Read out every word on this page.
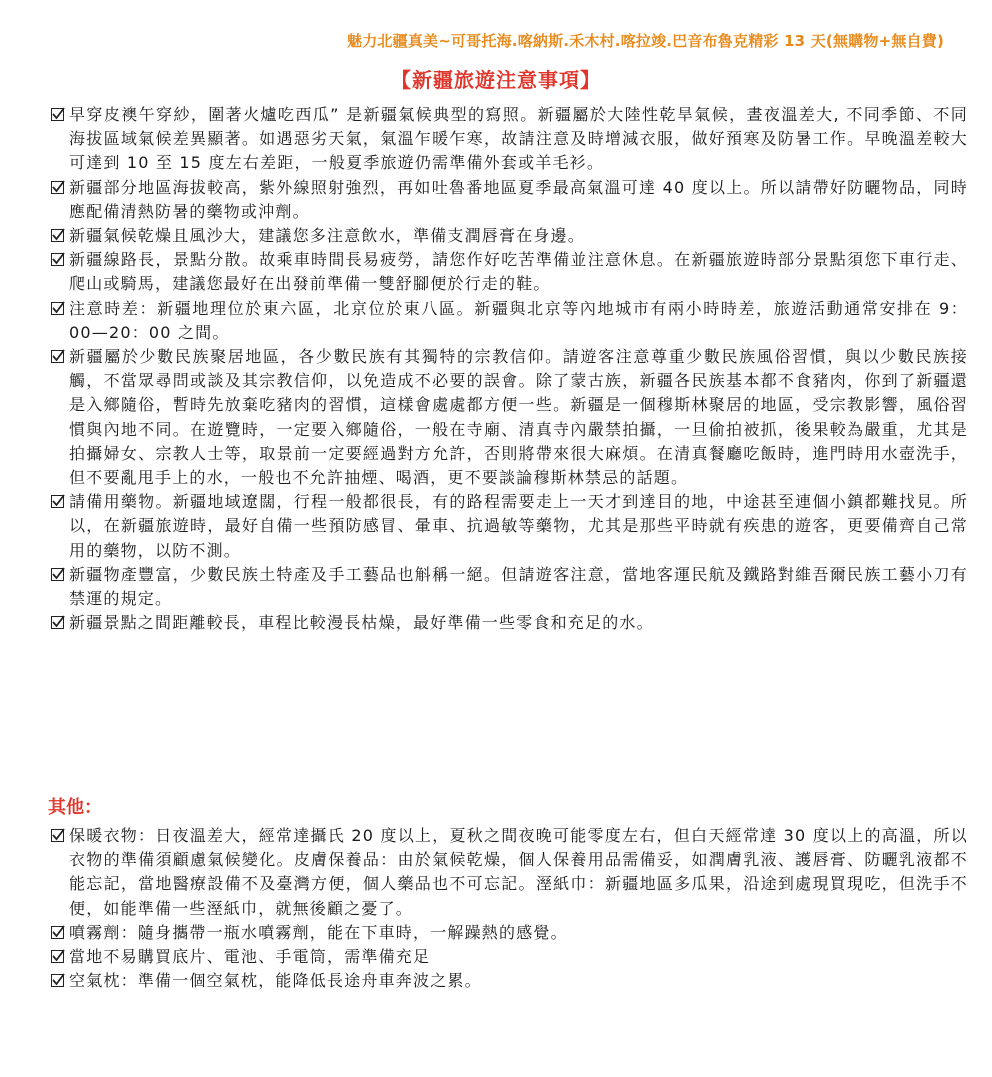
魅力北疆真美~可哥托海.喀納斯.禾木村.喀拉竣.巴音布魯克精彩 13 天(無購物+無自費)
【新疆旅遊注意事項】
早穿皮襖午穿紗，圍著火爐吃西瓜” 是新疆氣候典型的寫照。新疆屬於大陸性乾旱氣候，晝夜溫差大, 不同季節、不同海拔區域氣候差異顯著。如遇惡劣天氣，氣溫乍暖乍寒，故請注意及時增減衣服，做好預寒及防暑工作。早晚溫差較大可達到 10 至 15 度左右差距，一般夏季旅遊仍需準備外套或羊毛衫。
新疆部分地區海拔較高，紫外線照射強烈，再如吐魯番地區夏季最高氣溫可達 40 度以上。所以請帶好防曬物品，同時應配備清熱防暑的藥物或沖劑。
新疆氣候乾燥且風沙大，建議您多注意飲水，準備支潤唇膏在身邊。
新疆線路長，景點分散。故乘車時間長易疲勞，請您作好吃苦準備並注意休息。在新疆旅遊時部分景點須您下車行走、爬山或騎馬，建議您最好在出發前準備一雙舒腳便於行走的鞋。
注意時差：新疆地理位於東六區，北京位於東八區。新疆與北京等內地城市有兩小時時差，旅遊活動通常安排在 9：00—20：00 之間。
新疆屬於少數民族聚居地區，各少數民族有其獨特的宗教信仰。請遊客注意尊重少數民族風俗習慣，與以少數民族接觸，不當眾尋問或談及其宗教信仰，以免造成不必要的誤會。除了蒙古族，新疆各民族基本都不食豬肉，你到了新疆還是入鄉隨俗，暫時先放棄吃豬肉的習慣，這樣會處處都方便一些。新疆是一個穆斯林聚居的地區，受宗教影響，風俗習慣與內地不同。在遊覽時，一定要入鄉隨俗，一般在寺廟、清真寺內嚴禁拍攝，一旦偷拍被抓，後果較為嚴重，尤其是拍攝婦女、宗教人士等，取景前一定要經過對方允許，否則將帶來很大麻煩。在清真餐廳吃飯時，進門時用水壺洗手，但不要亂甩手上的水，一般也不允許抽煙、喝酒，更不要談論穆斯林禁忌的話題。
請備用藥物。新疆地域遼闊，行程一般都很長，有的路程需要走上一天才到達目的地，中途甚至連個小鎮都難找見。所以，在新疆旅遊時，最好自備一些預防感冒、暈車、抗過敏等藥物，尤其是那些平時就有疾患的遊客，更要備齊自己常用的藥物，以防不測。
新疆物產豐富，少數民族土特產及手工藝品也斛稱一絕。但請遊客注意，當地客運民航及鐵路對維吾爾民族工藝小刀有禁運的規定。
新疆景點之間距離較長，車程比較漫長枯燥，最好準備一些零食和充足的水。
其他：
保暖衣物：日夜溫差大，經常達攝氏 20 度以上，夏秋之間夜晚可能零度左右，但白天經常達 30 度以上的高溫，所以衣物的準備須顧慮氣候變化。皮膚保養品：由於氣候乾燥，個人保養用品需備妥，如潤膚乳液、護唇膏、防曬乳液都不能忘記，當地醫療設備不及臺灣方便，個人藥品也不可忘記。溼紙巾：新疆地區多瓜果，沿途到處現買現吃，但洗手不便，如能準備一些溼紙巾，就無後顧之憂了。
噴霧劑：隨身攜帶一瓶水噴霧劑，能在下車時，一解躁熱的感覺。
當地不易購買底片、電池、手電筒，需準備充足
空氣枕：準備一個空氣枕，能降低長途舟車奔波之累。
